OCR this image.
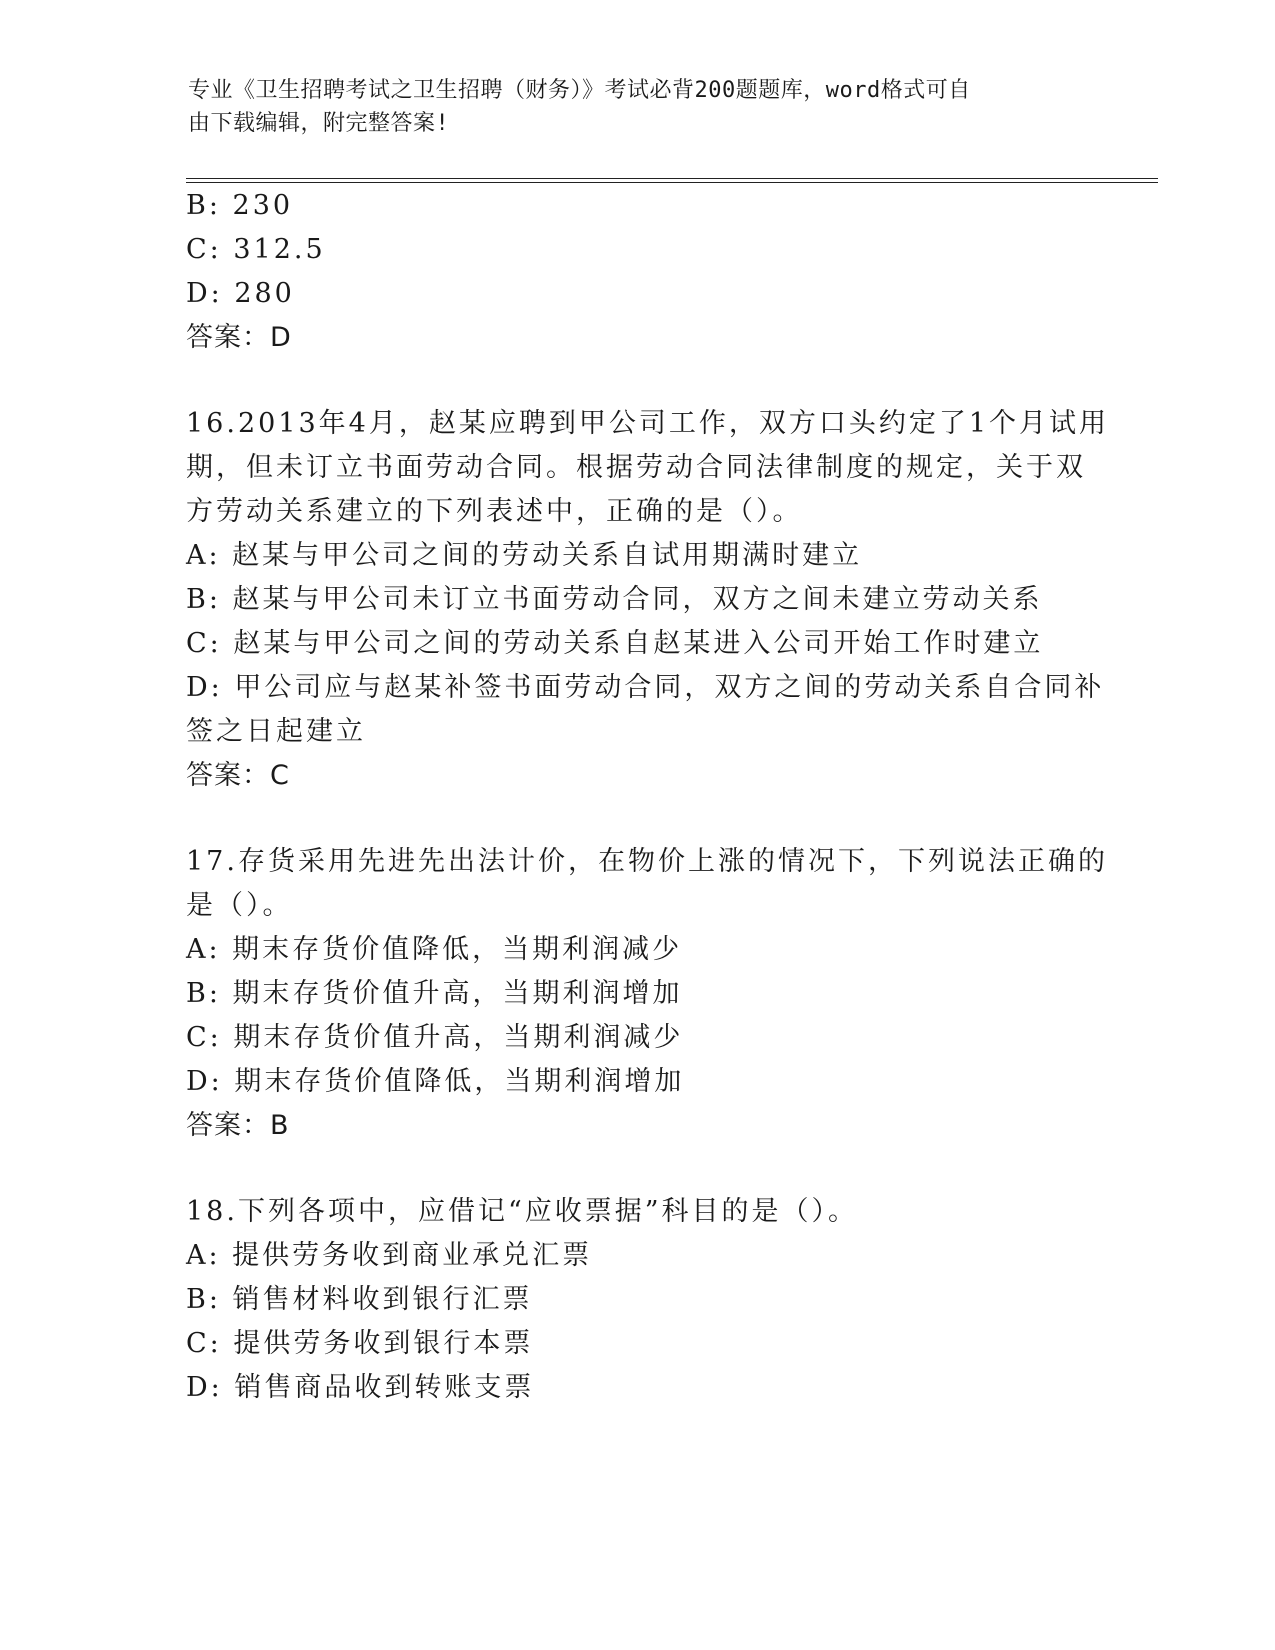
专业《卫生招聘考试之卫生招聘（财务）》考试必背200题题库，word格式可自
由下载编辑，附完整答案!
B: 230
C: 312.5
D: 280
答案：D
16.2013年4月，赵某应聘到甲公司工作，双方口头约定了1个月试用
期，但未订立书面劳动合同。根据劳动合同法律制度的规定，关于双
方劳动关系建立的下列表述中，正确的是（）。
A: 赵某与甲公司之间的劳动关系自试用期满时建立
B: 赵某与甲公司未订立书面劳动合同，双方之间未建立劳动关系
C: 赵某与甲公司之间的劳动关系自赵某进入公司开始工作时建立
D: 甲公司应与赵某补签书面劳动合同，双方之间的劳动关系自合同补
签之日起建立
答案：C
17.存货采用先进先出法计价，在物价上涨的情况下，下列说法正确的
是（）。
A: 期末存货价值降低，当期利润减少
B: 期末存货价值升高，当期利润增加
C: 期末存货价值升高，当期利润减少
D: 期末存货价值降低，当期利润增加
答案：B
18.下列各项中，应借记“应收票据”科目的是（）。
A: 提供劳务收到商业承兑汇票
B: 销售材料收到银行汇票
C: 提供劳务收到银行本票
D: 销售商品收到转账支票
